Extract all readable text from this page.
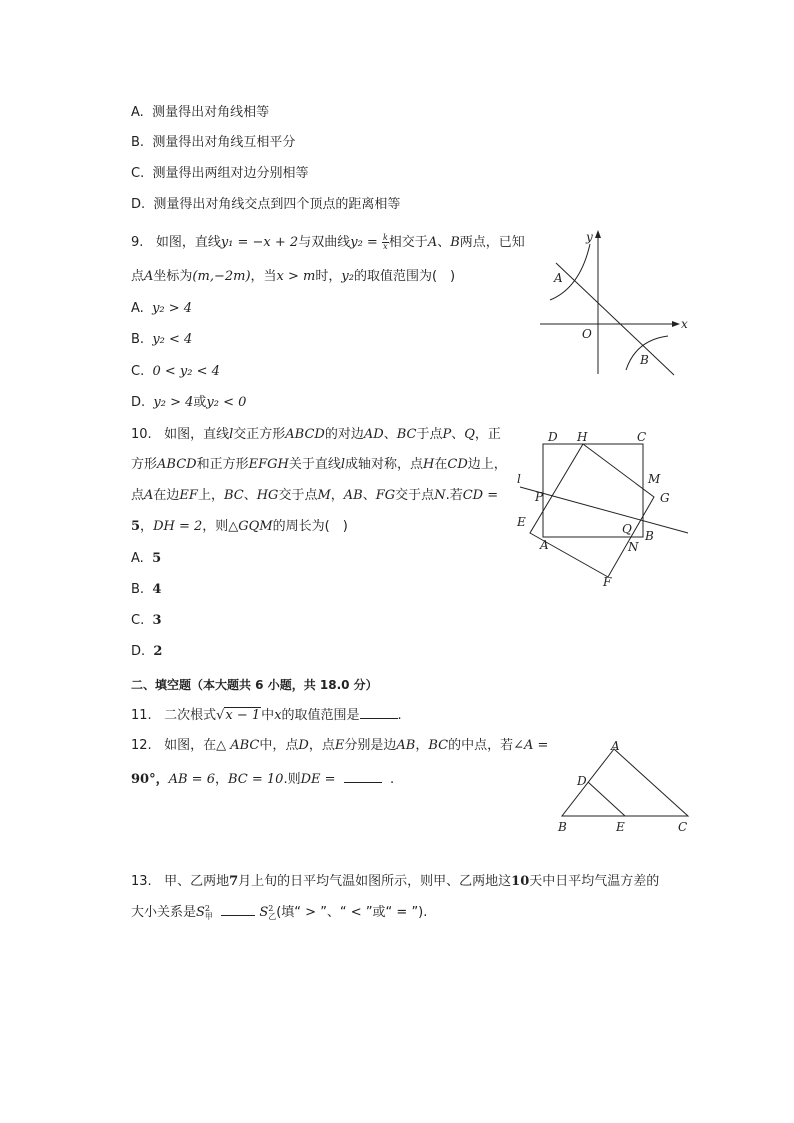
A. 测量得出对角线相等
B. 测量得出对角线互相平分
C. 测量得出两组对边分别相等
D. 测量得出对角线交点到四个顶点的距离相等
9. 如图，直线y₁ = −x + 2与双曲线$y_2 = \frac{k}{x}$ 相交于A、B两点，已知
点A坐标为(m,−2m)，当x > m时，y₂的取值范围为(　)
A. y₂ > 4
B. y₂ < 4
C. 0 < y₂ < 4
D. y₂ > 4或y₂ < 0
y
x
O
A
B
10. 如图，直线l交正方形ABCD的对边AD、BC于点P、Q，正
方形ABCD和正方形EFGH关于直线l成轴对称，点H在CD边上，
点A在边EF上，BC、HG交于点M，AB、FG交于点N.若CD =
5，DH = 2，则△GQM的周长为(　)
A. 5
B. 4
C. 3
D. 2
D H	C
M
l
P	G
E	Q B
A	N
F
二、填空题（本大题共 6 小题，共 18.0 分）
11. 二次根式√x − 1中x的取值范围是	.
12. 如图，在△ ABC中，点D，点E分别是边AB，BC的中点，若∠A =
90°，AB = 6，BC = 10.则DE =	.
A
D
B	E	C
13. 甲、乙两地7月上旬的日平均气温如图所示，则甲、乙两地这10天中日平均气温方差的
大小关系是S 2
甲	S 2
乙 (填“ > ”、“ < ”或“ = ”).
